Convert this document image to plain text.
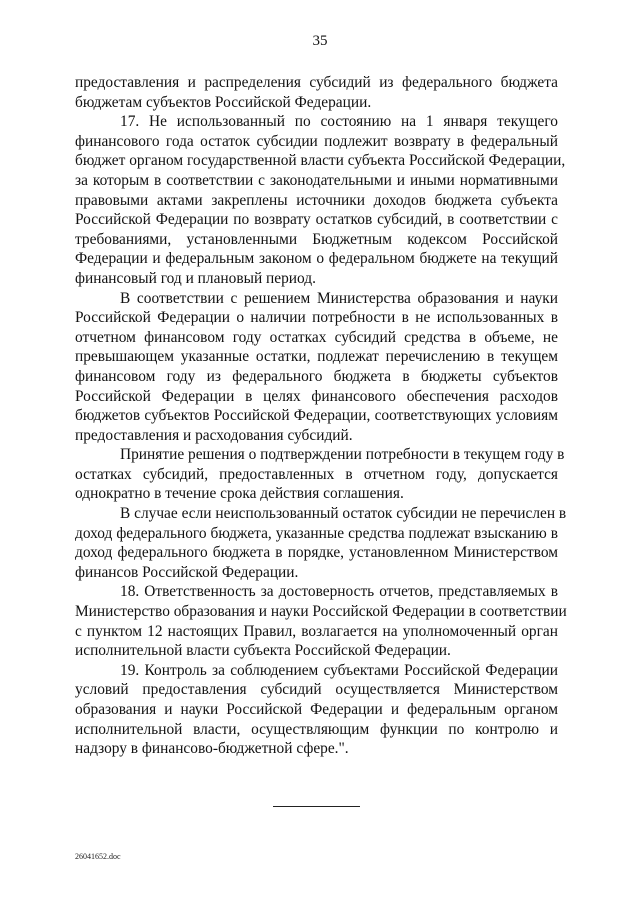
35
предоставления и распределения субсидий из федерального бюджета
бюджетам субъектов Российской Федерации.
17. Не использованный по состоянию на 1 января текущего
финансового года остаток субсидии подлежит возврату в федеральный
бюджет органом государственной власти субъекта Российской Федерации,
за которым в соответствии с законодательными и иными нормативными
правовыми актами закреплены источники доходов бюджета субъекта
Российской Федерации по возврату остатков субсидий, в соответствии с
требованиями, установленными Бюджетным кодексом Российской
Федерации и федеральным законом о федеральном бюджете на текущий
финансовый год и плановый период.
В соответствии с решением Министерства образования и науки
Российской Федерации о наличии потребности в не использованных в
отчетном финансовом году остатках субсидий средства в объеме, не
превышающем указанные остатки, подлежат перечислению в текущем
финансовом году из федерального бюджета в бюджеты субъектов
Российской Федерации в целях финансового обеспечения расходов
бюджетов субъектов Российской Федерации, соответствующих условиям
предоставления и расходования субсидий.
Принятие решения о подтверждении потребности в текущем году в
остатках субсидий, предоставленных в отчетном году, допускается
однократно в течение срока действия соглашения.
В случае если неиспользованный остаток субсидии не перечислен в
доход федерального бюджета, указанные средства подлежат взысканию в
доход федерального бюджета в порядке, установленном Министерством
финансов Российской Федерации.
18. Ответственность за достоверность отчетов, представляемых в
Министерство образования и науки Российской Федерации в соответствии
с пунктом 12 настоящих Правил, возлагается на уполномоченный орган
исполнительной власти субъекта Российской Федерации.
19. Контроль за соблюдением субъектами Российской Федерации
условий предоставления субсидий осуществляется Министерством
образования и науки Российской Федерации и федеральным органом
исполнительной власти, осуществляющим функции по контролю и
надзору в финансово-бюджетной сфере.".
26041652.doc
